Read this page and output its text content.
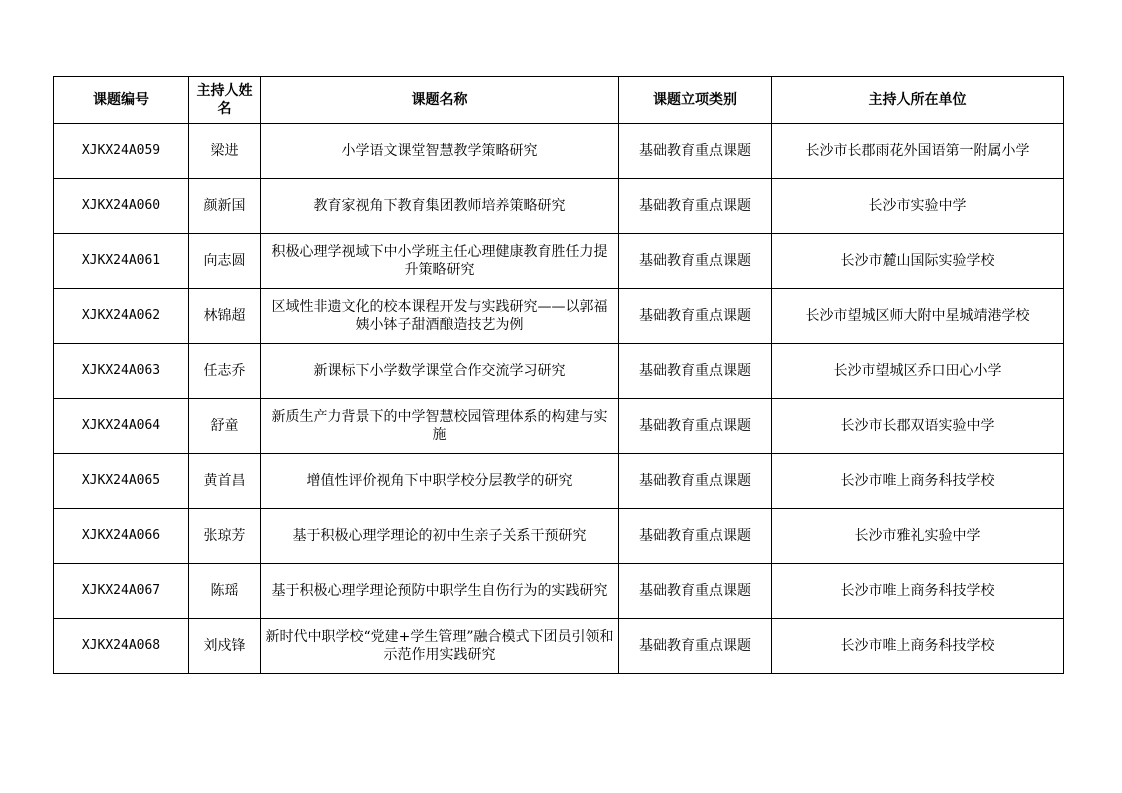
课题编号	主持人姓名	课题名称	课题立项类别	主持人所在单位
XJKX24A059	梁进	小学语文课堂智慧教学策略研究	基础教育重点课题	长沙市长郡雨花外国语第一附属小学
XJKX24A060	颜新国	教育家视角下教育集团教师培养策略研究	基础教育重点课题	长沙市实验中学
XJKX24A061	向志圆	积极心理学视域下中小学班主任心理健康教育胜任力提升策略研究	基础教育重点课题	长沙市麓山国际实验学校
XJKX24A062	林锦超	区域性非遗文化的校本课程开发与实践研究——以郭福姨小钵子甜酒酿造技艺为例	基础教育重点课题	长沙市望城区师大附中星城靖港学校
XJKX24A063	任志乔	新课标下小学数学课堂合作交流学习研究	基础教育重点课题	长沙市望城区乔口田心小学
XJKX24A064	舒童	新质生产力背景下的中学智慧校园管理体系的构建与实施	基础教育重点课题	长沙市长郡双语实验中学
XJKX24A065	黄首昌	增值性评价视角下中职学校分层教学的研究	基础教育重点课题	长沙市唯上商务科技学校
XJKX24A066	张琼芳	基于积极心理学理论的初中生亲子关系干预研究	基础教育重点课题	长沙市雅礼实验中学
XJKX24A067	陈瑶	基于积极心理学理论预防中职学生自伤行为的实践研究	基础教育重点课题	长沙市唯上商务科技学校
XJKX24A068	刘戍锋	新时代中职学校“党建+学生管理”融合模式下团员引领和示范作用实践研究	基础教育重点课题	长沙市唯上商务科技学校
